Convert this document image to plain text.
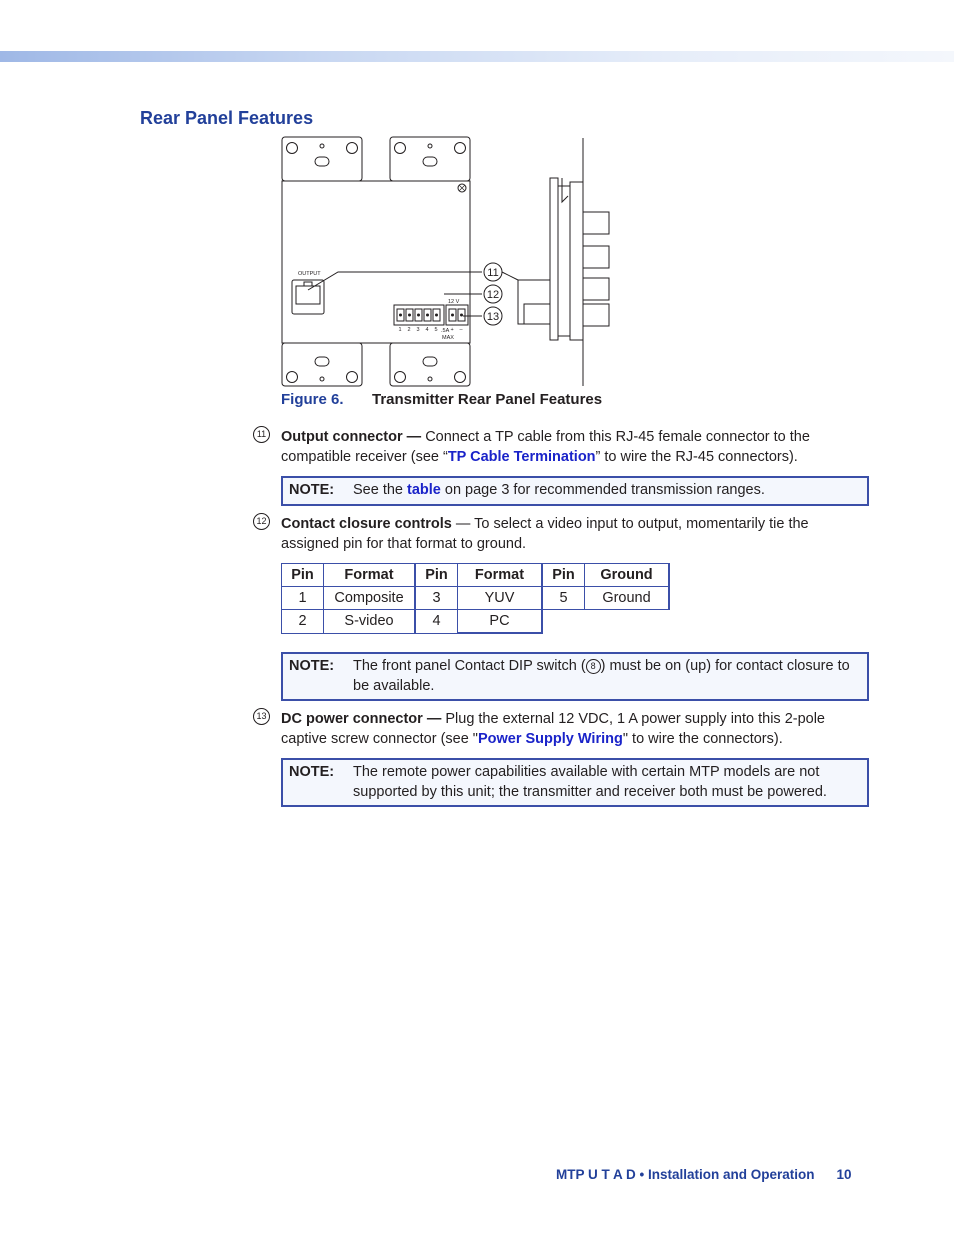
Rear Panel Features
OUTPUT
12 V
1 2 3 4 5 + –
.5A
MAX
11
12
13
Figure 6. Transmitter Rear Panel Features
11 Output connector — Connect a TP cable from this RJ-45 female connector to the compatible receiver (see “TP Cable Termination” to wire the RJ-45 connectors).

NOTE:	See the table on page 3 for recommended transmission ranges.
12 Contact closure controls — To select a video input to output, momentarily tie the assigned pin for that format to ground.

Pin	Format	Pin	Format	Pin	Ground
1	Composite	3	YUV	5	Ground
2	S-video	4	PC		
NOTE:	The front panel Contact DIP switch ( 8 ) must be on (up) for contact closure to be available.
13 DC power connector — Plug the external 12 VDC, 1 A power supply into this 2-pole captive screw connector (see "Power Supply Wiring" to wire the connectors).

NOTE:	The remote power capabilities available with certain MTP models are not supported by this unit; the transmitter and receiver both must be powered.
MTP U T A D • Installation and Operation 10
